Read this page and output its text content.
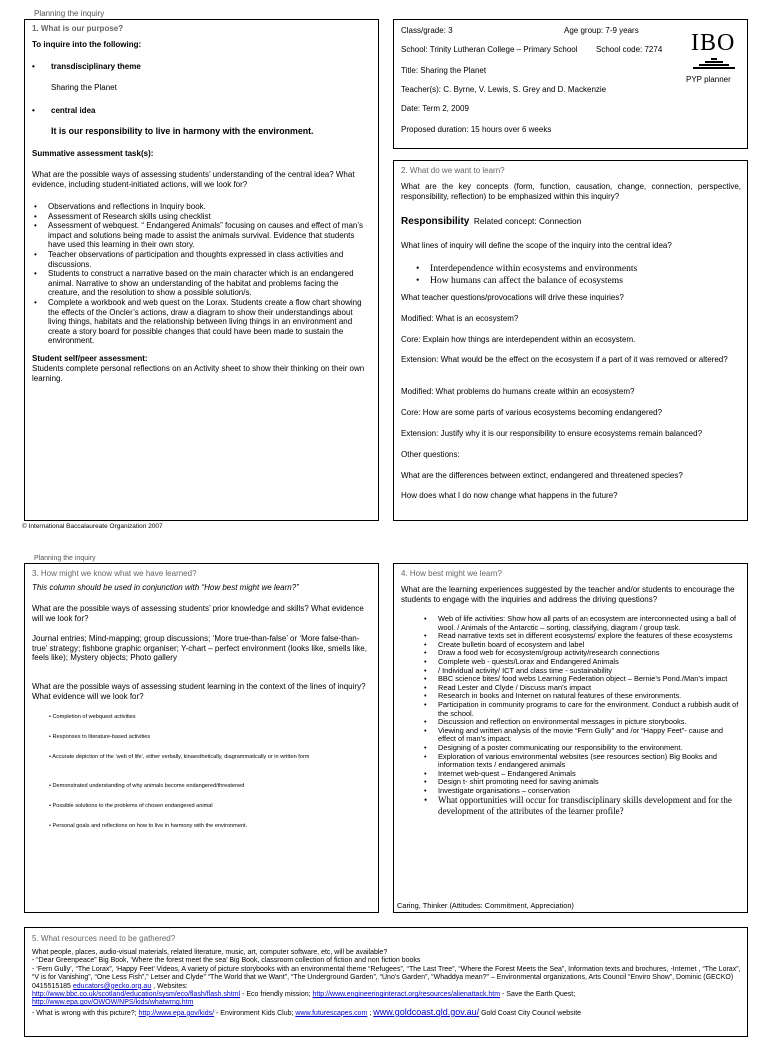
Planning the inquiry
1. What is our purpose?
To inquire into the following:
• transdisciplinary theme
Sharing the Planet
• central idea
It is our responsibility to live in harmony with the environment.
Summative assessment task(s):
What are the possible ways of assessing students’ understanding of the central idea? What evidence, including student-initiated actions, will we look for?
• Observations and reflections in Inquiry book.
• Assessment of Research skills using checklist
• Assessment of webquest. “ Endangered Animals” focusing on causes and effect of man’s impact and solutions being made to assist the animals survival. Evidence that students have used this learning in their own story.
• Teacher observations of participation and thoughts expressed in class activities and discussions.
• Students to construct a narrative based on the main character which is an endangered animal. Narrative to show an understanding of the habitat and problems facing the creature, and the resolution to show a possible solution/s.
• Complete a workbook and web quest on the Lorax. Students create a flow chart showing the effects of the Oncler’s actions, draw a diagram to show their understandings about living things, habitats and the relationship between living things in an environment and create a story board for possible changes that could have been made to sustain the environment.
Student self/peer assessment:
Students complete personal reflections on an Activity sheet to show their thinking on their own learning.
Class/grade: 3	Age group: 7-9 years
School: Trinity Lutheran College – Primary School School code: 7274
Title: Sharing the Planet
Teacher(s): C. Byrne, V. Lewis, S. Grey and D. Mackenzie
Date: Term 2, 2009
Proposed duration: 15 hours over 6 weeks
IBO
PYP planner
2. What do we want to learn?
What are the key concepts (form, function, causation, change, connection, perspective, responsibility, reflection) to be emphasized within this inquiry?
Responsibility Related concept: Connection
What lines of inquiry will define the scope of the inquiry into the central idea?
• Interdependence within ecosystems and environments
• How humans can affect the balance of ecosystems
What teacher questions/provocations will drive these inquiries?
Modified: What is an ecosystem?
Core: Explain how things are interdependent within an ecosystem.
Extension: What would be the effect on the ecosystem if a part of it was removed or altered?
Modified: What problems do humans create within an ecosystem?
Core: How are some parts of various ecosystems becoming endangered?
Extension: Justify why it is our responsibility to ensure ecosystems remain balanced?
Other questions:
What are the differences between extinct, endangered and threatened species?
How does what I do now change what happens in the future?
© International Baccalaureate Organization 2007
Planning the inquiry
3. How might we know what we have learned?
This column should be used in conjunction with “How best might we learn?”
What are the possible ways of assessing students’ prior knowledge and skills? What evidence will we look for?
Journal entries; Mind-mapping; group discussions; ‘More true-than-false’ or ‘More false-than-true’ strategy; fishbone graphic organiser; Y-chart – perfect environment (looks like, smells like, feels like); Mystery objects; Photo gallery
What are the possible ways of assessing student learning in the context of the lines of inquiry? What evidence will we look for?
• Completion of webquest activities
• Responses to literature-based activities
• Accurate depiction of the ‘web of life’, either verbally, kinaesthetically, diagrammatically or in written form
• Demonstrated understanding of why animals become endangered/threatened
• Possible solutions to the problems of chosen endangered animal
• Personal goals and reflections on how to live in harmony with the environment.
4. How best might we learn?
What are the learning experiences suggested by the teacher and/or students to encourage the students to engage with the inquiries and address the driving questions?
• Web of life activities: Show how all parts of an ecosystem are interconnected using a ball of wool. / Animals of the Antarctic – sorting, classifying, diagram / group task.
• Read narrative texts set in different ecosystems/ explore the features of these ecosystems
• Create bulletin board of ecosystem and label
• Draw a food web for ecosystem/group activity/research connections
• Complete web - quests/Lorax and Endangered Animals
• / Individual activity/ ICT and class time - sustainability
• BBC science bites/ food webs Learning Federation object – Bernie’s Pond./Man’s impact
• Read Lester and Clyde / Discuss man’s impact
• Research in books and Internet on natural features of these environments.
• Participation in community programs to care for the environment. Conduct a rubbish audit of the school.
• Discussion and reflection on environmental messages in picture storybooks.
• Viewing and written analysis of the movie “Fern Gully” and /or “Happy Feet”- cause and effect of man’s impact.
• Designing of a poster communicating our responsibility to the environment.
• Exploration of various environmental websites (see resources section) Big Books and information texts / endangered animals
• Internet web-quest – Endangered Animals
• Design t- shirt promoting need for saving animals
• Investigate organisations – conservation
• What opportunities will occur for transdisciplinary skills development and for the development of the attributes of the learner profile?
Caring, Thinker (Attitudes: Commitment, Appreciation)
5. What resources need to be gathered?
What people, places, audio-visual materials, related literature, music, art, computer software, etc, will be available?
- “Dear Greenpeace” Big Book, ‘Where the forest meet the sea’ Big Book, classroom collection of fiction and non fiction books
- ‘Fern Gully’, “The Lorax”, ‘Happy Feet’ Videos, A variety of picture storybooks with an environmental theme “Refugees”, “The Last Tree”, “Where the Forest Meets the Sea”, Information texts and brochures, -Internet , “The Lorax”, “V is for Vanishing”, “One Less Fish”,” Letser and Clyde” “The World that we Want”, “The Underground Garden”, “Uno’s Garden”, “Whaddya mean?” – Environmental organizations, Arts Council “Enviro Show”, Dominic (GECKO) 0415515185 educators@gecko.org.au , Websites:
http://www.bbc.co.uk/scotland/education/sysm/eco/flash/flash.shtml - Eco friendly mission; http://www.engineeringinteract.org/resources/alienattack.htm - Save the Earth Quest;
http://www.epa.gov/OWOW/NPS/kids/whatwrng.htm
- What is wrong with this picture?; http://www.epa.gov/kids/ - Environment Kids Club; www.futurescapes.com ; www.goldcoast.qld.gov.au/ Gold Coast City Council website
